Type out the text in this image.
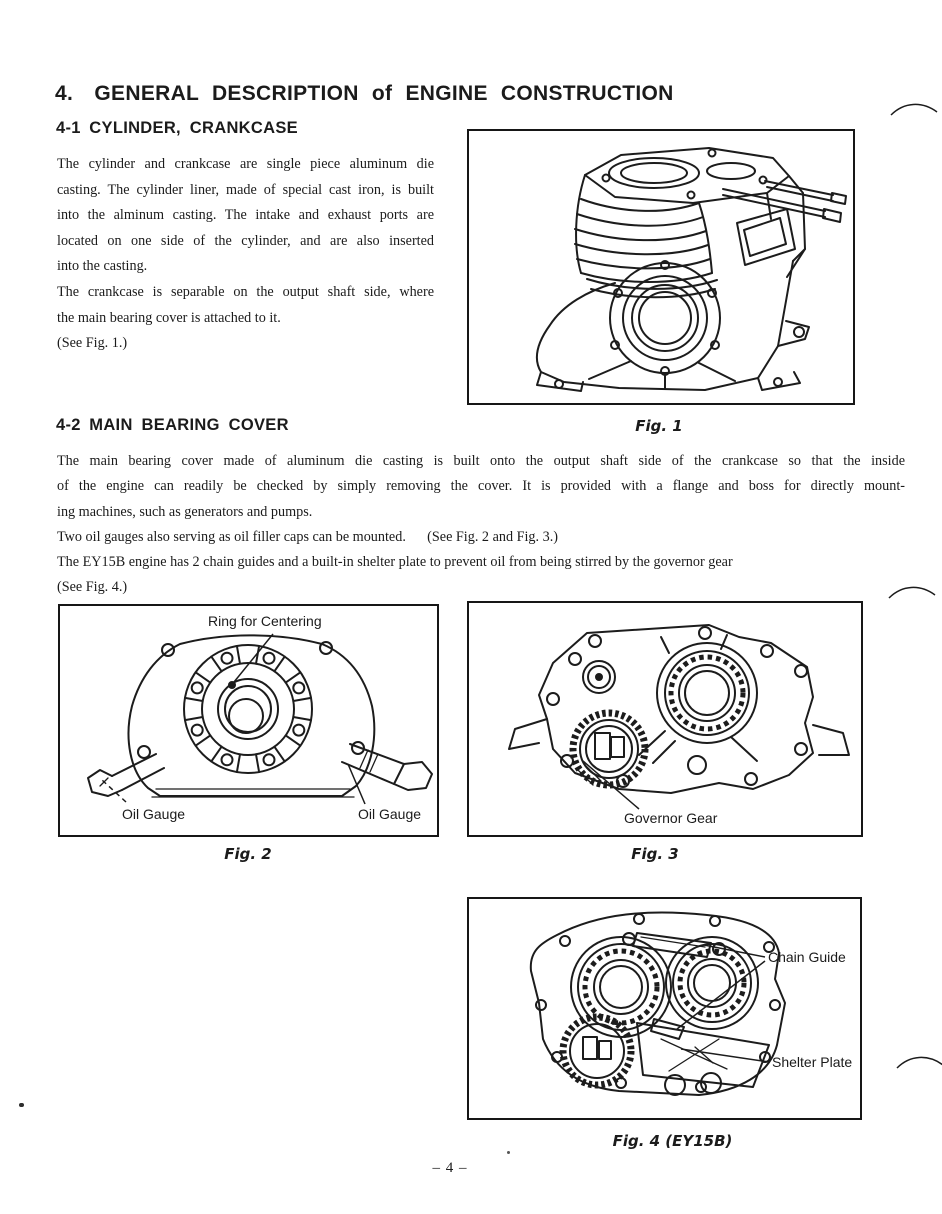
4. GENERAL DESCRIPTION of ENGINE CONSTRUCTION
4-1 CYLINDER, CRANKCASE
The cylinder and crankcase are single piece aluminum die
casting. The cylinder liner, made of special cast iron, is built
into the alminum casting. The intake and exhaust ports are
located on one side of the cylinder, and are also inserted
into the casting.
The crankcase is separable on the output shaft side, where
the main bearing cover is attached to it.
(See Fig. 1.)
Fig. 1
4-2 MAIN BEARING COVER
The main bearing cover made of aluminum die casting is built onto the output shaft side of the crankcase so that the inside
of the engine can readily be checked by simply removing the cover. It is provided with a flange and boss for directly mount-
ing machines, such as generators and pumps.
Two oil gauges also serving as oil filler caps can be mounted.  (See Fig. 2 and Fig. 3.)
The EY15B engine has 2 chain guides and a built-in shelter plate to prevent oil from being stirred by the governor gear
(See Fig. 4.)
Ring for Centering
Oil Gauge	Oil Gauge
Fig. 2
Governor Gear
Fig. 3
Chain Guide
Shelter Plate
Fig. 4 (EY15B)
– 4 –
